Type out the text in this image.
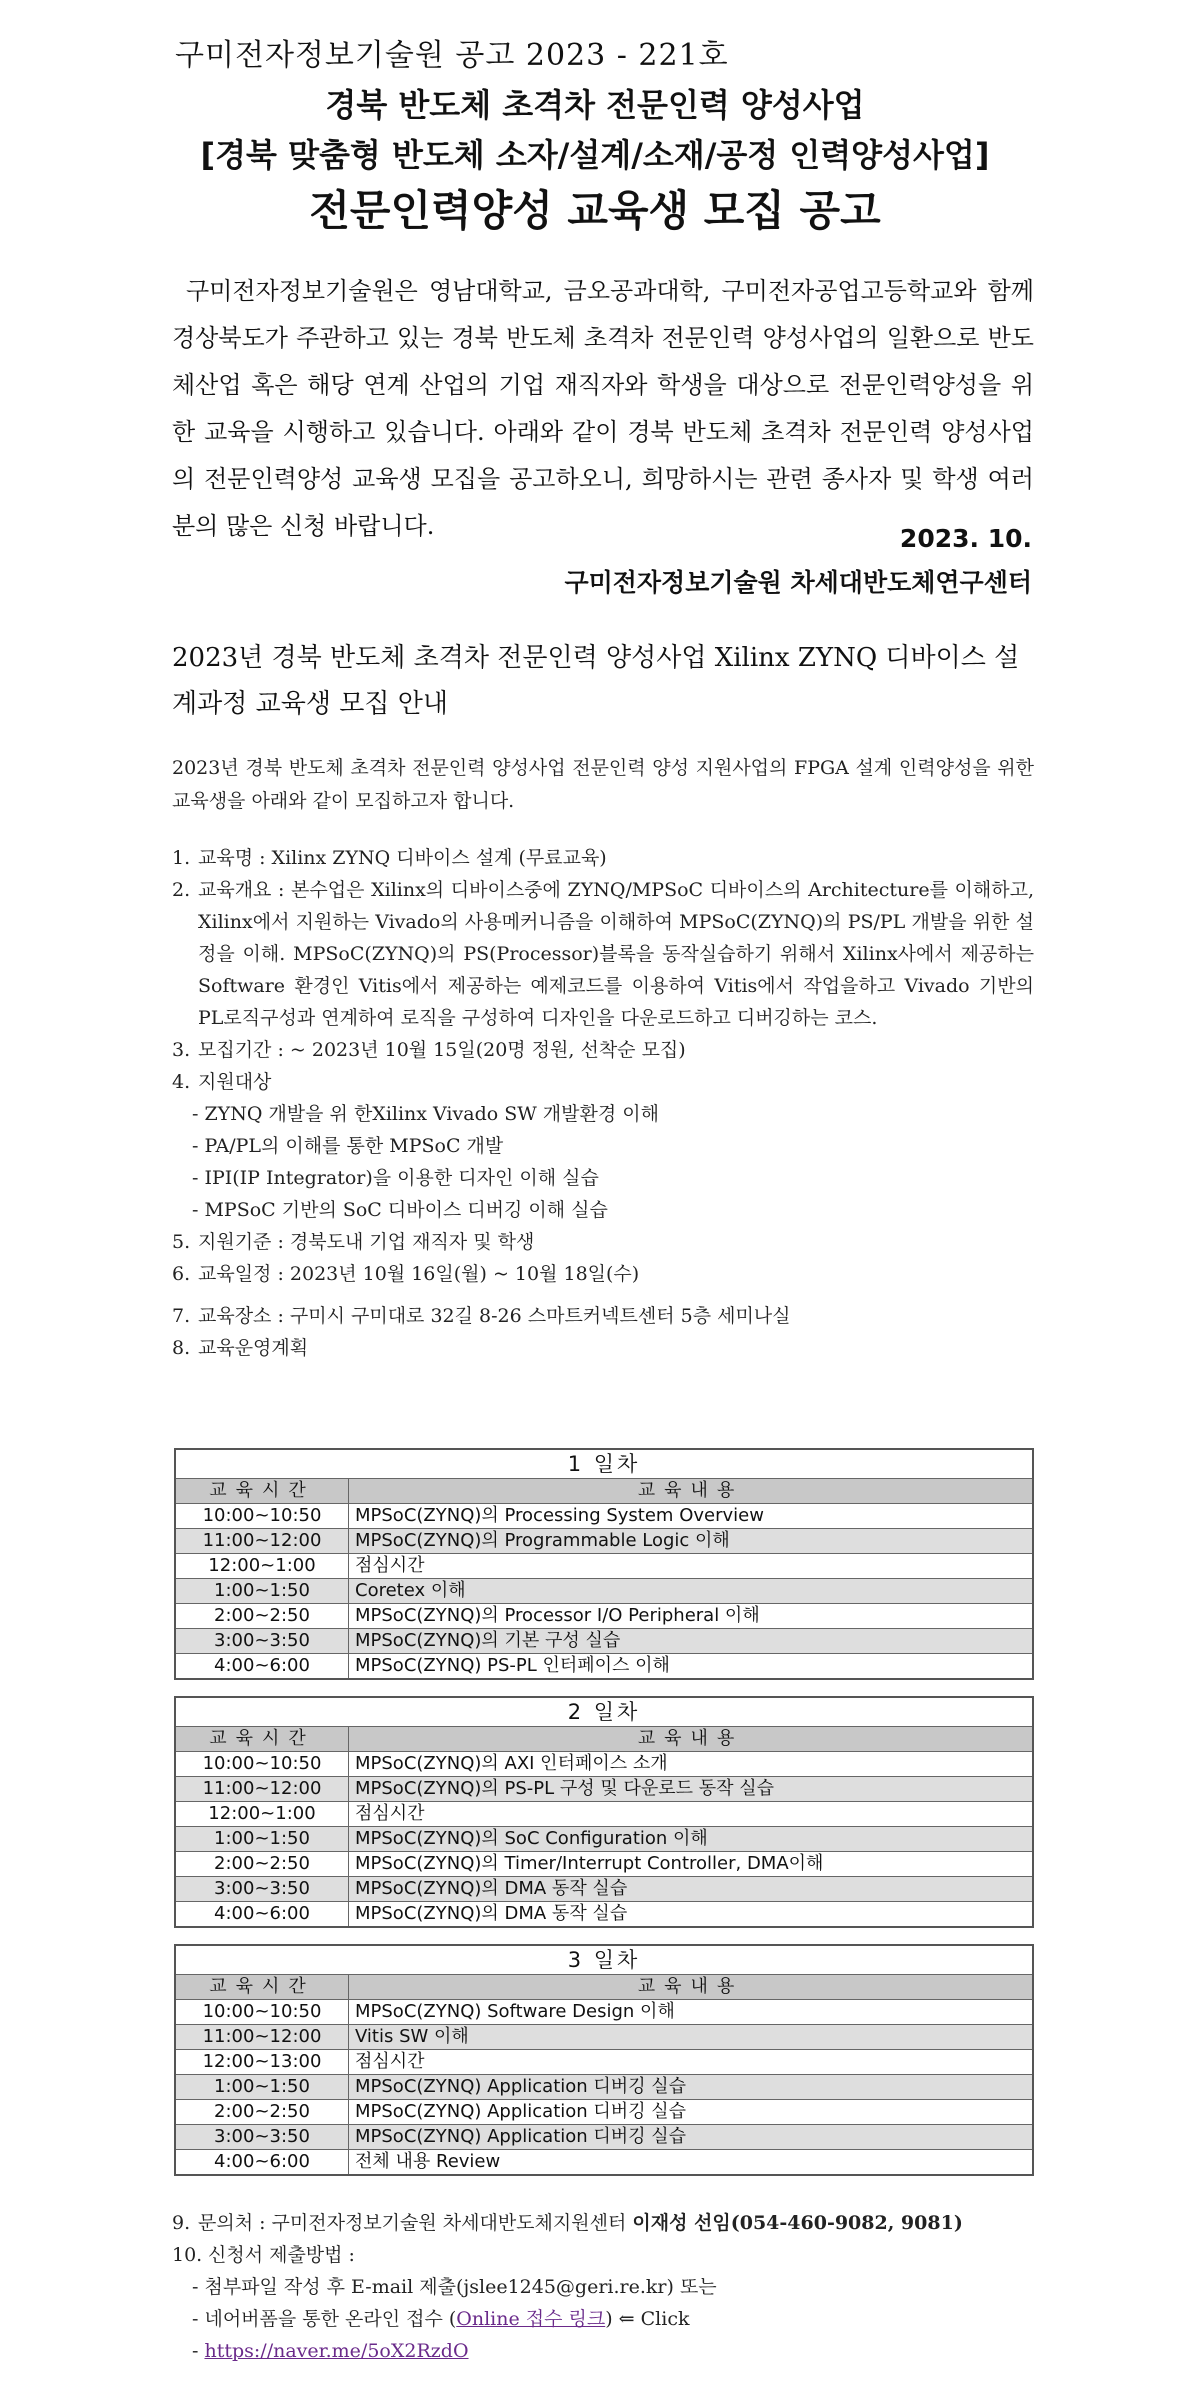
구미전자정보기술원 공고 2023 - 221호
경북 반도체 초격차 전문인력 양성사업
[경북 맞춤형 반도체 소자/설계/소재/공정 인력양성사업]
전문인력양성 교육생 모집 공고

구미전자정보기술원은 영남대학교, 금오공과대학, 구미전자공업고등학교와 함께 경상북도가 주관하고 있는 경북 반도체 초격차 전문인력 양성사업의 일환으로 반도체산업 혹은 해당 연계 산업의 기업 재직자와 학생을 대상으로 전문인력양성을 위한 교육을 시행하고 있습니다. 아래와 같이 경북 반도체 초격차 전문인력 양성사업의 전문인력양성 교육생 모집을 공고하오니, 희망하시는 관련 종사자 및 학생 여러분의 많은 신청 바랍니다.	2023. 10.
구미전자정보기술원 차세대반도체연구센터
2023년 경북 반도체 초격차 전문인력 양성사업 Xilinx ZYNQ 디바이스 설계과정 교육생 모집 안내
2023년 경북 반도체 초격차 전문인력 양성사업 전문인력 양성 지원사업의 FPGA 설계 인력양성을 위한 교육생을 아래와 같이 모집하고자 합니다.
1. 교육명 : Xilinx ZYNQ 디바이스 설계 (무료교육)
2. 교육개요 : 본수업은 Xilinx의 디바이스중에 ZYNQ/MPSoC 디바이스의 Architecture를 이해하고, Xilinx에서 지원하는 Vivado의 사용메커니즘을 이해하여 MPSoC(ZYNQ)의 PS/PL 개발을 위한 설정을 이해. MPSoC(ZYNQ)의 PS(Processor)블록을 동작실습하기 위해서 Xilinx사에서 제공하는 Software 환경인 Vitis에서 제공하는 예제코드를 이용하여 Vitis에서 작업을하고 Vivado 기반의 PL로직구성과 연계하여 로직을 구성하여 디자인을 다운로드하고 디버깅하는 코스.
3. 모집기간 : ~ 2023년 10월 15일(20명 정원, 선착순 모집)
4. 지원대상
- ZYNQ 개발을 위 한Xilinx Vivado SW 개발환경 이해
- PA/PL의 이해를 통한 MPSoC 개발
- IPI(IP Integrator)을 이용한 디자인 이해 실습
- MPSoC 기반의 SoC 디바이스 디버깅 이해 실습
5. 지원기준 : 경북도내 기업 재직자 및 학생
6. 교육일정 : 2023년 10월 16일(월) ~ 10월 18일(수)
7. 교육장소 : 구미시 구미대로 32길 8-26 스마트커넥트센터 5층 세미나실
8. 교육운영계획
1 일차	
교육시간	교육내용
10:00~10:50	MPSoC(ZYNQ)의 Processing System Overview
11:00~12:00	MPSoC(ZYNQ)의 Programmable Logic 이해
12:00~1:00	점심시간
1:00~1:50	Coretex 이해
2:00~2:50	MPSoC(ZYNQ)의 Processor I/O Peripheral 이해
3:00~3:50	MPSoC(ZYNQ)의 기본 구성 실습
4:00~6:00	MPSoC(ZYNQ) PS-PL 인터페이스 이해
2 일차	
교육시간	교육내용
10:00~10:50	MPSoC(ZYNQ)의 AXI 인터페이스 소개
11:00~12:00	MPSoC(ZYNQ)의 PS-PL 구성 및 다운로드 동작 실습
12:00~1:00	점심시간
1:00~1:50	MPSoC(ZYNQ)의 SoC Configuration 이해
2:00~2:50	MPSoC(ZYNQ)의 Timer/Interrupt Controller, DMA이해
3:00~3:50	MPSoC(ZYNQ)의 DMA 동작 실습
4:00~6:00	MPSoC(ZYNQ)의 DMA 동작 실습
3 일차	
교육시간	교육내용
10:00~10:50	MPSoC(ZYNQ) Software Design 이해
11:00~12:00	Vitis SW 이해
12:00~13:00	점심시간
1:00~1:50	MPSoC(ZYNQ) Application 디버깅 실습
2:00~2:50	MPSoC(ZYNQ) Application 디버깅 실습
3:00~3:50	MPSoC(ZYNQ) Application 디버깅 실습
4:00~6:00	전체 내용 Review
9. 문의처 : 구미전자정보기술원 차세대반도체지원센터 이재성 선임(054-460-9082, 9081)
10. 신청서 제출방법 :
- 첨부파일 작성 후 E-mail 제출(jslee1245@geri.re.kr) 또는
- 네어버폼을 통한 온라인 접수 (Online 접수 링크) ⇐ Click
- https://naver.me/5oX2RzdO
